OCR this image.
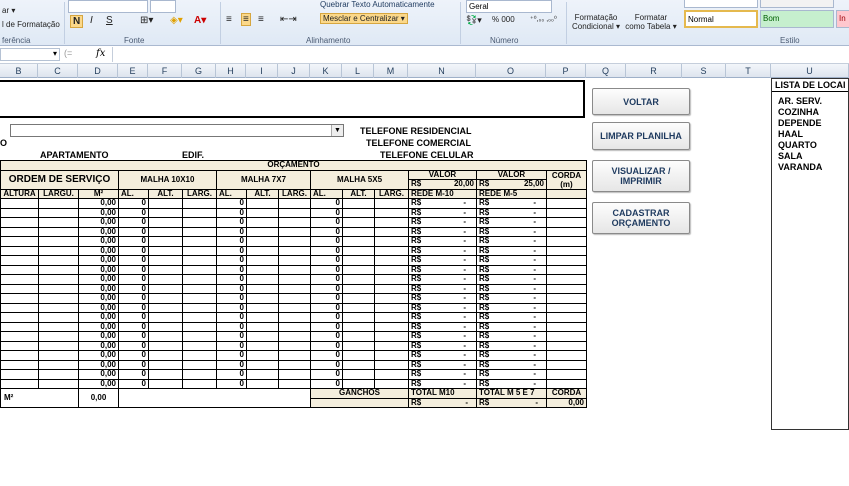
ar ▾
l de Formatação
ferência
N I S	⊞▾ ◈▾ A▾
Fonte
≡ ≡ ≡ ⇤⇥
Quebrar Texto Automaticamente
Mesclar e Centralizar ▾
Alinhamento
Geral
💱▾ % 000 ⁺⁰,₀₀ ,₀₀⁰
Número
Formatação Condicional ▾
Formatar como Tabela ▾
Normal	Bom	In
Estilo
▾ (= fx
B	C	D	E	F	G	H	I	J	K	L	M	N	O	P	Q	R	S	T	U
▼ TELEFONE RESIDENCIAL
TELEFONE COMERCIAL
TELEFONE CELULAR
O
APARTAMENTO	EDIF.
VOLTAR
LIMPAR PLANILHA
VISUALIZAR / IMPRIMIR
CADASTRAR ORÇAMENTO
LISTA DE LOCAI
AR. SERV.
COZINHA
DEPENDE
HAAL
QUARTO
SALA
VARANDA
ORÇAMENTO														
ORDEM DE SERVIÇO			MALHA 10X10			MALHA 7X7			MALHA 5X5			VALOR	VALOR	CORDA (m)

												R$ 20,00	R$ 25,00	

ALTURA	LARGU.	M²	AL.	ALT.	LARG.	AL.	ALT.	LARG.	AL.	ALT.	LARG.	REDE M-10	REDE M-5	
		0,00	0			0			0			R$ -	R$ -	

		0,00	0			0			0			R$ -	R$ -	

		0,00	0			0			0			R$ -	R$ -	

		0,00	0			0			0			R$ -	R$ -	

		0,00	0			0			0			R$ -	R$ -	

		0,00	0			0			0			R$ -	R$ -	

		0,00	0			0			0			R$ -	R$ -	

		0,00	0			0			0			R$ -	R$ -	

		0,00	0			0			0			R$ -	R$ -	

		0,00	0			0			0			R$ -	R$ -	

		0,00	0			0			0			R$ -	R$ -	

		0,00	0			0			0			R$ -	R$ -	

		0,00	0			0			0			R$ -	R$ -	

		0,00	0			0			0			R$ -	R$ -	

		0,00	0			0			0			R$ -	R$ -	

		0,00	0			0			0			R$ -	R$ -	

		0,00	0			0			0			R$ -	R$ -	

		0,00	0			0			0			R$ -	R$ -	

		0,00	0			0			0			R$ -	R$ -	

		0,00	0			0			0			R$ -	R$ -	

M²		0,00							GANCHOS			TOTAL M10	TOTAL M 5 E 7	CORDA

												R$ -	R$ -	0,00
